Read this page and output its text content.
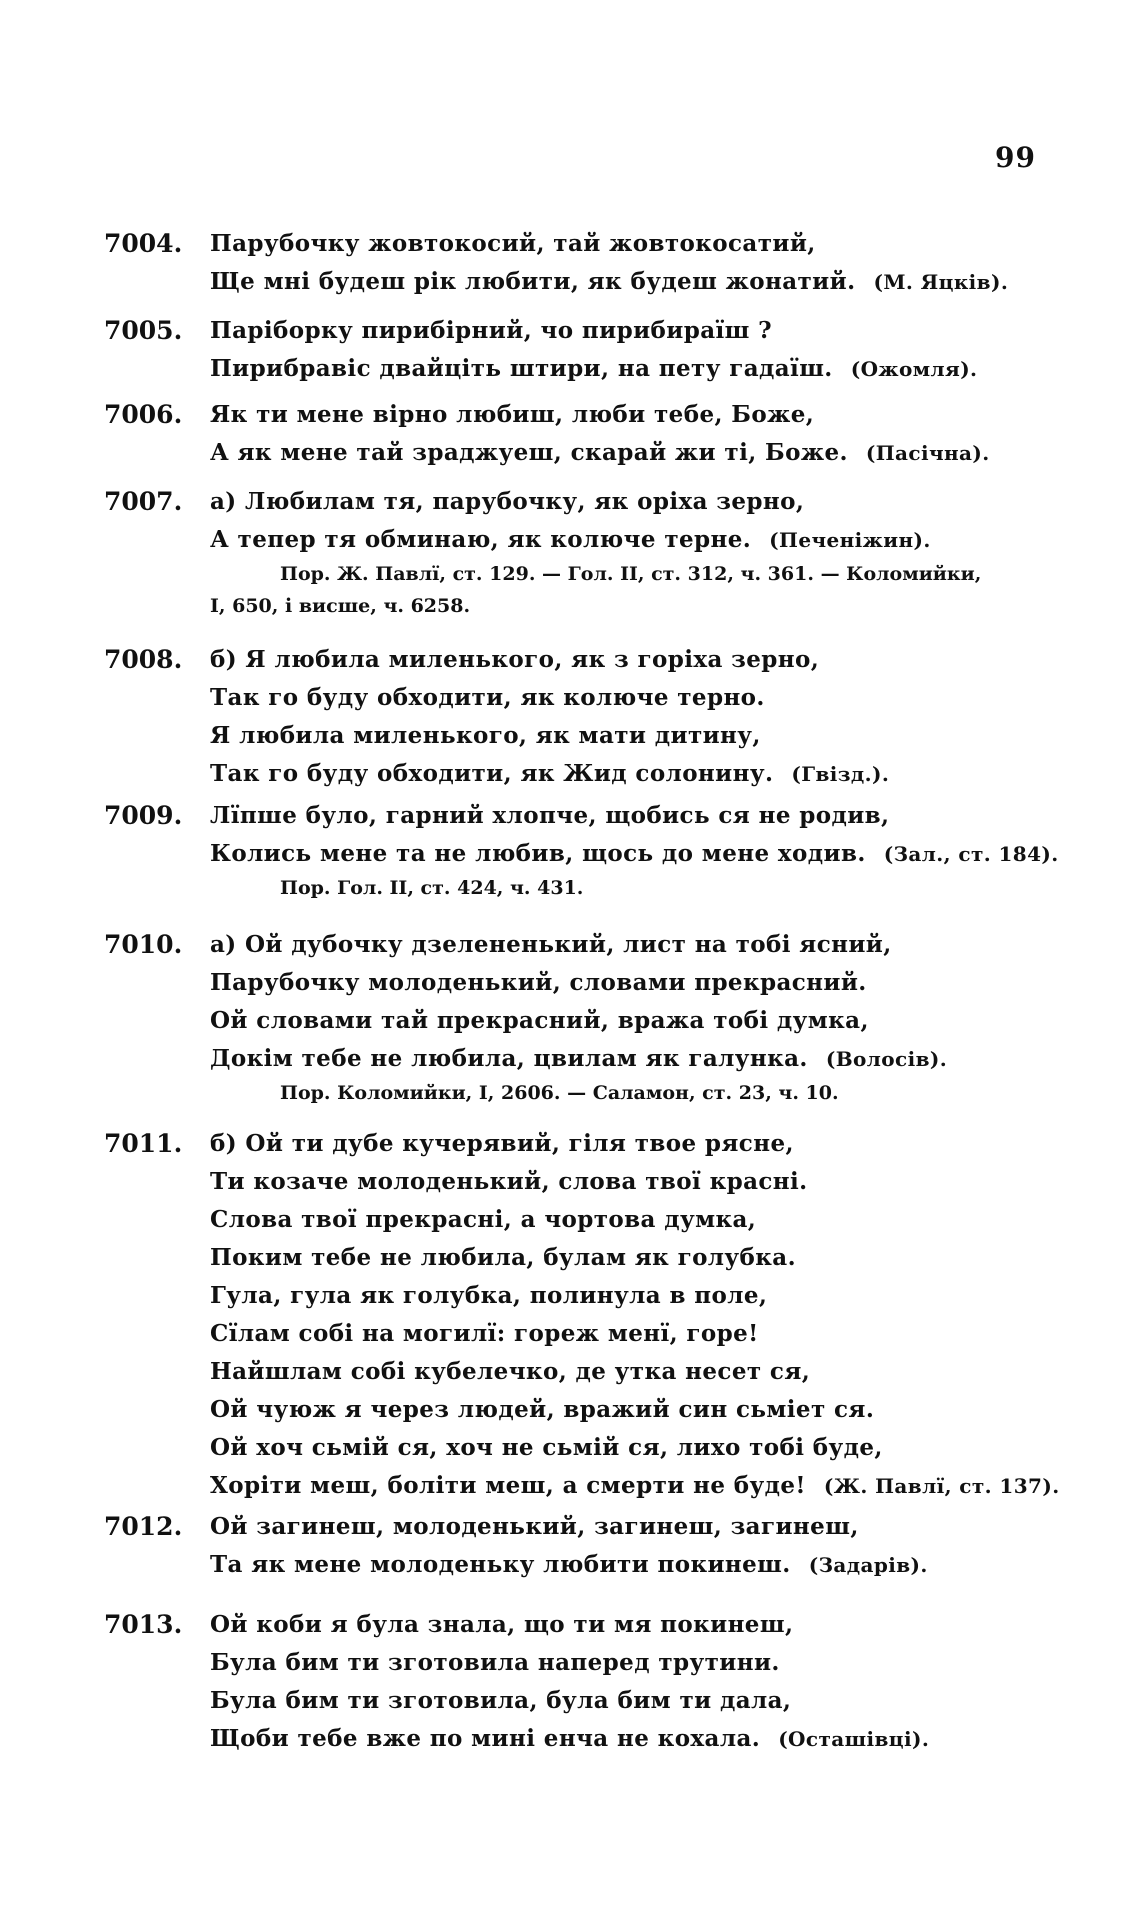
99
7004. Парубочку жовтокосий, тай жовтокосатий,
Ще мні будеш рік любити, як будеш жонатий. (М. Яцків).
7005. Паріборку пирибірний, чо пирибираїш ?
Пирибравіс двайціть штири, на пету гадаїш. (Ожомля).
7006. Як ти мене вірно любиш, люби тебе, Боже,
А як мене тай зраджуеш, скарай жи ті, Боже. (Пасічна).
7007. а) Любилам тя, парубочку, як оріха зерно,
А тепер тя обминаю, як колюче терне. (Печеніжин).
Пор. Ж. Павлї, ст. 129. — Гол. II, ст. 312, ч. 361. — Коломийки,
I, 650, і висше, ч. 6258.
7008. б) Я любила миленького, як з горіха зерно,
Так го буду обходити, як колюче терно.
Я любила миленького, як мати дитину,
Так го буду обходити, як Жид солонину. (Гвізд.).
7009. Лїпше було, гарний хлопче, щобись ся не родив,
Колись мене та не любив, щось до мене ходив. (Зал., ст. 184).
Пор. Гол. II, ст. 424, ч. 431.
7010. а) Ой дубочку дзелененький, лист на тобі ясний,
Парубочку молоденький, словами прекрасний.
Ой словами тай прекрасний, вража тобі думка,
Докім тебе не любила, цвилам як галунка. (Волосів).
Пор. Коломийки, I, 2606. — Саламон, ст. 23, ч. 10.
7011. б) Ой ти дубе кучерявий, гіля твое рясне,
Ти козаче молоденький, слова твої красні.
Слова твої прекрасні, а чортова думка,
Поким тебе не любила, булам як голубка.
Гула, гула як голубка, полинула в поле,
Сїлам собі на могилї: гореж менї, горе!
Найшлам собі кубелечко, де утка несет ся,
Ой чуюж я через людей, вражий син сьміет ся.
Ой хоч сьмій ся, хоч не сьмій ся, лихо тобі буде,
Хоріти меш, боліти меш, а смерти не буде! (Ж. Павлї, ст. 137).
7012. Ой загинеш, молоденький, загинеш, загинеш,
Та як мене молоденьку любити покинеш. (Задарів).
7013. Ой коби я була знала, що ти мя покинеш,
Була бим ти зготовила наперед трутини.
Була бим ти зготовила, була бим ти дала,
Щоби тебе вже по мині енча не кохала. (Осташівці).
